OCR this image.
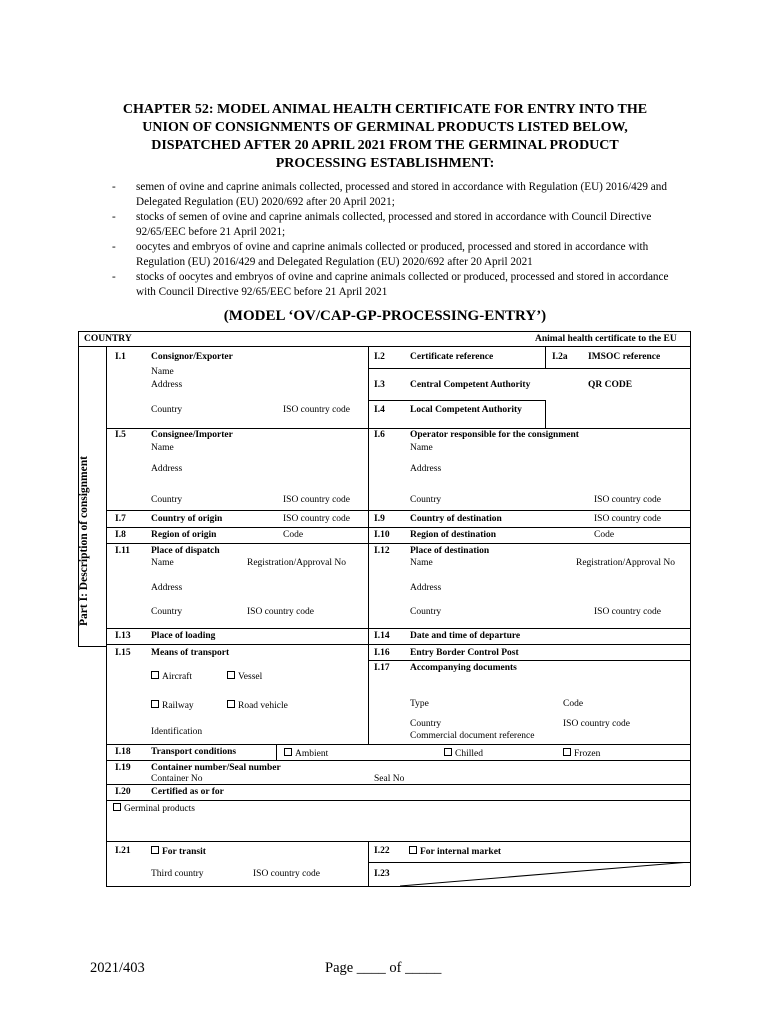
CHAPTER 52: MODEL ANIMAL HEALTH CERTIFICATE FOR ENTRY INTO THE
UNION OF CONSIGNMENTS OF GERMINAL PRODUCTS LISTED BELOW,
DISPATCHED AFTER 20 APRIL 2021 FROM THE GERMINAL PRODUCT
PROCESSING ESTABLISHMENT:
- semen of ovine and caprine animals collected, processed and stored in accordance with Regulation (EU) 2016/429 and Delegated Regulation (EU) 2020/692 after 20 April 2021;
- stocks of semen of ovine and caprine animals collected, processed and stored in accordance with Council Directive 92/65/EEC before 21 April 2021;
- oocytes and embryos of ovine and caprine animals collected or produced, processed and stored in accordance with Regulation (EU) 2016/429 and Delegated Regulation (EU) 2020/692 after 20 April 2021
- stocks of oocytes and embryos of ovine and caprine animals collected or produced, processed and stored in accordance with Council Directive 92/65/EEC before 21 April 2021
(MODEL ‘OV/CAP-GP-PROCESSING-ENTRY’)
COUNTRY	Animal health certificate to the EU
Part I: Description of consignment
I.1	Consignor/Exporter
Name
Address
Country	ISO country code
I.2	Certificate reference	I.2a IMSOC reference
I.3	Central Competent Authority	QR CODE
I.4	Local Competent Authority
I.5	Consignee/Importer
Name
Address
Country	ISO country code
I.6	Operator responsible for the consignment
Name
Address
Country	ISO country code
I.7	Country of origin	ISO country code	I.9	Country of destination	ISO country code
I.8	Region of origin	Code	I.10 Region of destination	Code
I.11 Place of dispatch
Name	Registration/Approval No
Address
Country	ISO country code
I.12 Place of destination
Name	Registration/Approval No
Address
Country	ISO country code
I.13 Place of loading	I.14 Date and time of departure
I.15 Means of transport
Aircraft	Vessel
Railway	Road vehicle
Identification
I.16 Entry Border Control Post
I.17 Accompanying documents
Type	Code
Country	ISO country code
Commercial document reference
I.18 Transport conditions	Ambient	Chilled	Frozen
I.19 Container number/Seal number
Container No	Seal No
I.20 Certified as or for
Germinal products
I.21	For transit
Third country	ISO country code
I.22	For internal market
I.23
2021/403	Page ____ of _____
